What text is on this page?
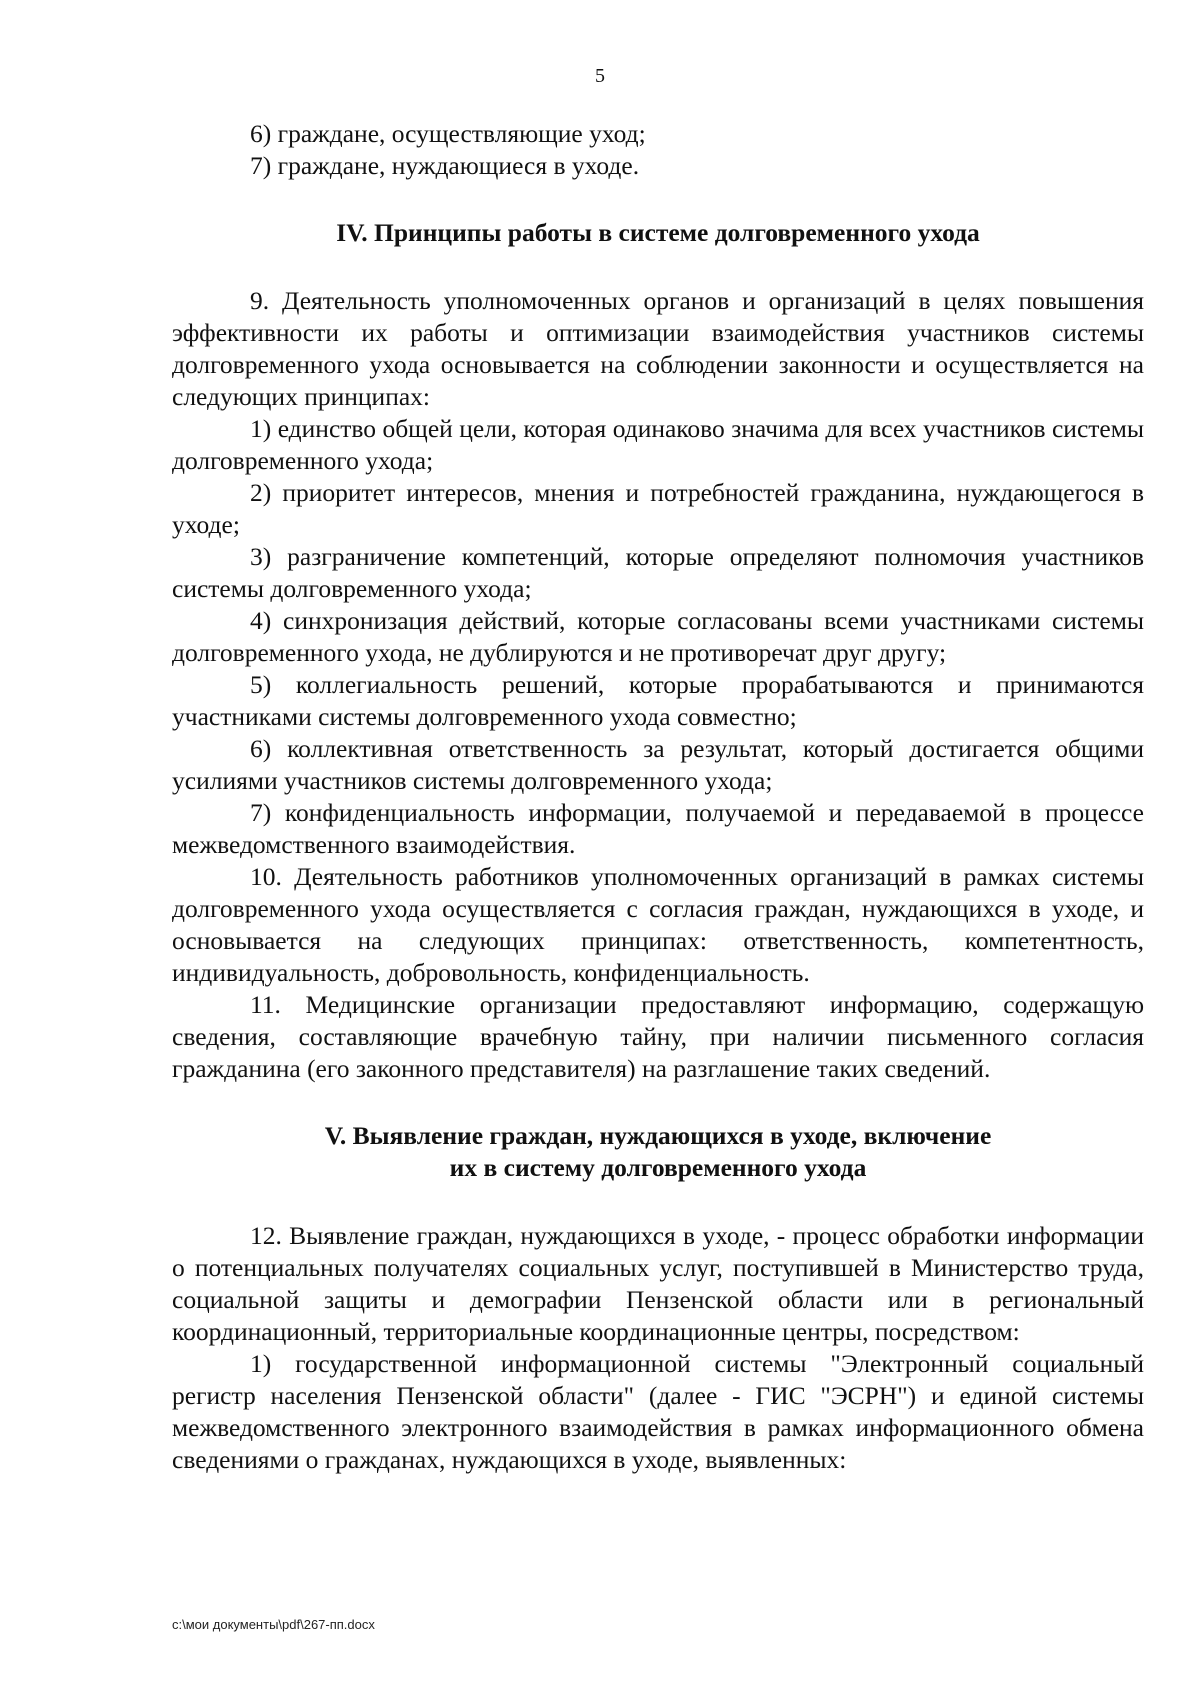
5

6) граждане, осуществляющие уход;

7) граждане, нуждающиеся в уходе.

IV. Принципы работы в системе долговременного ухода

9. Деятельность уполномоченных органов и организаций в целях повышения эффективности их работы и оптимизации взаимодействия участников системы долговременного ухода основывается на соблюдении законности и осуществляется на следующих принципах:

1) единство общей цели, которая одинаково значима для всех участников системы долговременного ухода;

2) приоритет интересов, мнения и потребностей гражданина, нуждающегося в уходе;

3) разграничение компетенций, которые определяют полномочия участников системы долговременного ухода;

4) синхронизация действий, которые согласованы всеми участниками системы долговременного ухода, не дублируются и не противоречат друг другу;

5) коллегиальность решений, которые прорабатываются и принимаются участниками системы долговременного ухода совместно;

6) коллективная ответственность за результат, который достигается общими усилиями участников системы долговременного ухода;

7) конфиденциальность информации, получаемой и передаваемой в процессе межведомственного взаимодействия.

10. Деятельность работников уполномоченных организаций в рамках системы долговременного ухода осуществляется с согласия граждан, нуждающихся в уходе, и основывается на следующих принципах: ответственность, компетентность, индивидуальность, добровольность, конфиденциальность.

11. Медицинские организации предоставляют информацию, содержащую сведения, составляющие врачебную тайну, при наличии письменного согласия гражданина (его законного представителя) на разглашение таких сведений.

V. Выявление граждан, нуждающихся в уходе, включение
их в систему долговременного ухода

12. Выявление граждан, нуждающихся в уходе, - процесс обработки информации о потенциальных получателях социальных услуг, поступившей в Министерство труда, социальной защиты и демографии Пензенской области или в региональный координационный, территориальные координационные центры, посредством:

1) государственной информационной системы "Электронный социальный регистр населения Пензенской области" (далее - ГИС "ЭСРН") и единой системы межведомственного электронного взаимодействия в рамках информационного обмена сведениями о гражданах, нуждающихся в уходе, выявленных:

c:\мои документы\pdf\267-пп.docx
